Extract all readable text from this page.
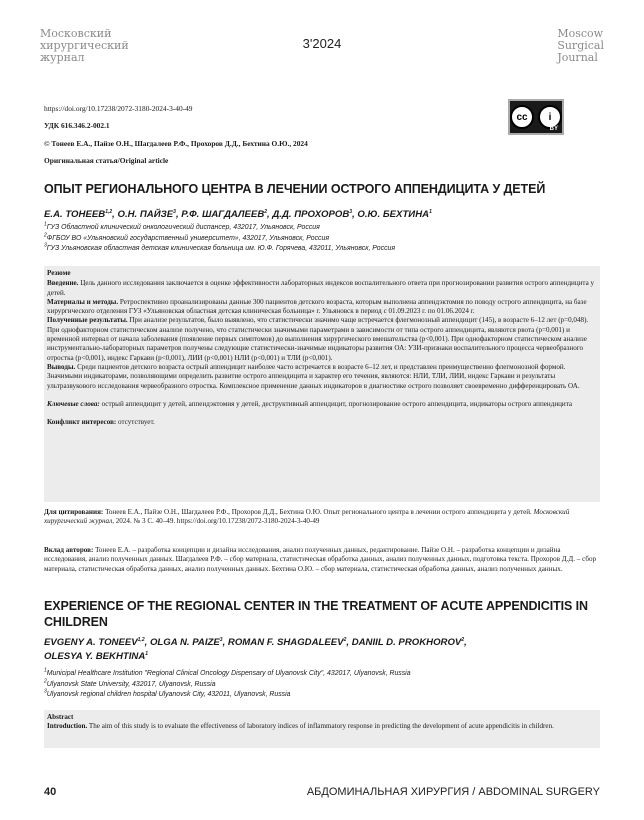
Московский
хирургический
журнал
3'2024
Moscow
Surgical
Journal
https://doi.org/10.17238/2072-3180-2024-3-40-49
УДК 616.346.2-002.1
© Тонеев Е.А., Пайзе О.Н., Шагдалеев Р.Ф., Прохоров Д.Д., Бехтина О.Ю., 2024
Оригинальная статья/Original article
cc	i
BY
ОПЫТ РЕГИОНАЛЬНОГО ЦЕНТРА В ЛЕЧЕНИИ ОСТРОГО АППЕНДИЦИТА У ДЕТЕЙ
Е.А. ТОНЕЕВ$^{1,2}$, О.Н. ПАЙЗЕ$^3$, Р.Ф. ШАГДАЛЕЕВ$^2$, Д.Д. ПРОХОРОВ$^3$, О.Ю. БЕХТИНА$^1$
$^1$ГУЗ Областной клинический онкологический диспансер, 432017, Ульяновск, Россия
$^2$ФГБОУ ВО «Ульяновский государственный университет», 432017, Ульяновск, Россия
$^3$ГУЗ Ульяновская областная детская клиническая больница им. Ю.Ф. Горячева, 432011, Ульяновск, Россия

Резюме

Введение. Цель данного исследования заключается в оценке эффективности лабораторных индексов воспалительного ответа при прогнозировании развития острого аппендицита у детей.

Материалы и методы. Ретроспективно проанализированы данные 300 пациентов детского возраста, которым выполнена аппендэктомия по поводу острого аппендицита, на базе хирургического отделения ГУЗ «Ульяновская областная детская клиническая больница» г. Ульяновск в период с 01.09.2023 г. по 01.06.2024 г.

Полученные результаты. При анализе результатов, было выявлено, что статистически значимо чаще встречается флегмонозный аппендицит (145), в возрасте 6–12 лет (p=0,048). При однофакторном статистическом анализе получено, что статистически значимыми параметрами в зависимости от типа острого аппендицита, являются рвота (p=0,001) и временной интервал от начала заболевания (появление первых симптомов) до выполнения хирургического вмешательства (p<0,001). При однофакторном статистическом анализе инструментально-лабораторных параметров получены следующие статистически-значимые индикаторы развития ОА: УЗИ-признаки воспалительного процесса червеобразного отростка (p<0,001), индекс Гаркави (p<0,001), ЛИИ (p<0,001) НЛИ (p<0,001) и ТЛИ (p<0,001).

Выводы. Среди пациентов детского возраста острый аппендицит наиболее часто встречается в возрасте 6–12 лет, и представлен преимущественно флегмонозной формой.

Значимыми индикаторами, позволяющими определить развитие острого аппендицита и характер его течения, являются: НЛИ, ТЛИ, ЛИИ, индекс Гаркави и результаты ультразвукового исследования червеобразного отростка. Комплексное применение данных индикаторов в диагностике острого позволяет своевременно дифференцировать ОА.

Ключевые слова: острый аппендицит у детей, аппендэктомия у детей, деструктивный аппендицит, прогнозирование острого аппендицита, индикаторы острого аппендицита

Конфликт интересов: отсутствует.

Для цитирования: Тонеев Е.А., Пайзе О.Н., Шагдалеев Р.Ф., Прохоров Д.Д., Бехтина О.Ю. Опыт регионального центра в лечении острого аппендицита у детей. Московский хирургический журнал, 2024. № 3 С. 40–49. https://doi.org/10.17238/2072-3180-2024-3-40-49
Вклад авторов: Тонеев Е.А. – разработка концепции и дизайна исследования, анализ полученных данных, редактирование. Пайзе О.Н. – разработка концепции и дизайна исследования, анализ полученных данных. Шагдалеев Р.Ф. – сбор материала, статистическая обработка данных, анализ полученных данных, подготовка текста. Прохоров Д.Д. – сбор материала, статистическая обработка данных, анализ полученных данных. Бехтина О.Ю. – сбор материала, статистическая обработка данных, анализ полученных данных.
EXPERIENCE OF THE REGIONAL CENTER IN THE TREATMENT OF ACUTE APPENDICITIS IN CHILDREN
EVGENY A. TONEEV$^{1,2}$, OLGA N. PAIZE$^3$, ROMAN F. SHAGDALEEV$^2$, DANIIL D. PROKHOROV$^2$,
OLESYA Y. BEKHTINA$^1$
$^1$Municipal Healthcare Institution "Regional Clinical Oncology Dispensary of Ulyanovsk City", 432017, Ulyanovsk, Russia
$^2$Ulyanovsk State University, 432017, Ulyanovsk, Russia
$^3$Ulyanovsk regional children hospital Ulyanovsk City, 432011, Ulyanovsk, Russia

Abstract

Introduction. The aim of this study is to evaluate the effectiveness of laboratory indices of inflammatory response in predicting the development of acute appendicitis in children.

40	АБДОМИНАЛЬНАЯ ХИРУРГИЯ / ABDOMINAL SURGERY
